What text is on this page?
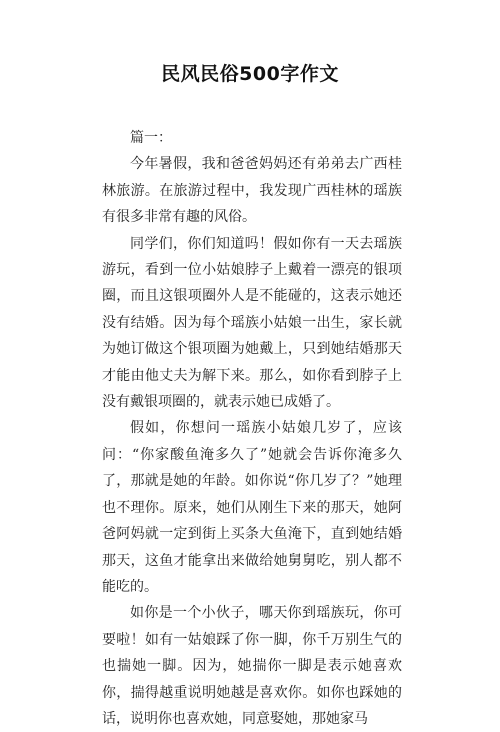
民风民俗500字作文

篇一：

今年暑假，我和爸爸妈妈还有弟弟去广西桂林旅游。在旅游过程中，我发现广西桂林的瑶族有很多非常有趣的风俗。

同学们，你们知道吗！假如你有一天去瑶族游玩，看到一位小姑娘脖子上戴着一漂亮的银项圈，而且这银项圈外人是不能碰的，这表示她还没有结婚。因为每个瑶族小姑娘一出生，家长就为她订做这个银项圈为她戴上，只到她结婚那天才能由他丈夫为解下来。那么，如你看到脖子上没有戴银项圈的，就表示她已成婚了。

假如，你想问一瑶族小姑娘几岁了，应该问：“你家酸鱼淹多久了”她就会告诉你淹多久了，那就是她的年龄。如你说“你几岁了？”她理也不理你。原来，她们从刚生下来的那天，她阿爸阿妈就一定到街上买条大鱼淹下，直到她结婚那天，这鱼才能拿出来做给她舅舅吃，别人都不能吃的。

如你是一个小伙子，哪天你到瑶族玩，你可要啦！如有一姑娘踩了你一脚，你千万别生气的也揣她一脚。因为，她揣你一脚是表示她喜欢你，揣得越重说明她越是喜欢你。如你也踩她的话，说明你也喜欢她，同意娶她，那她家马
